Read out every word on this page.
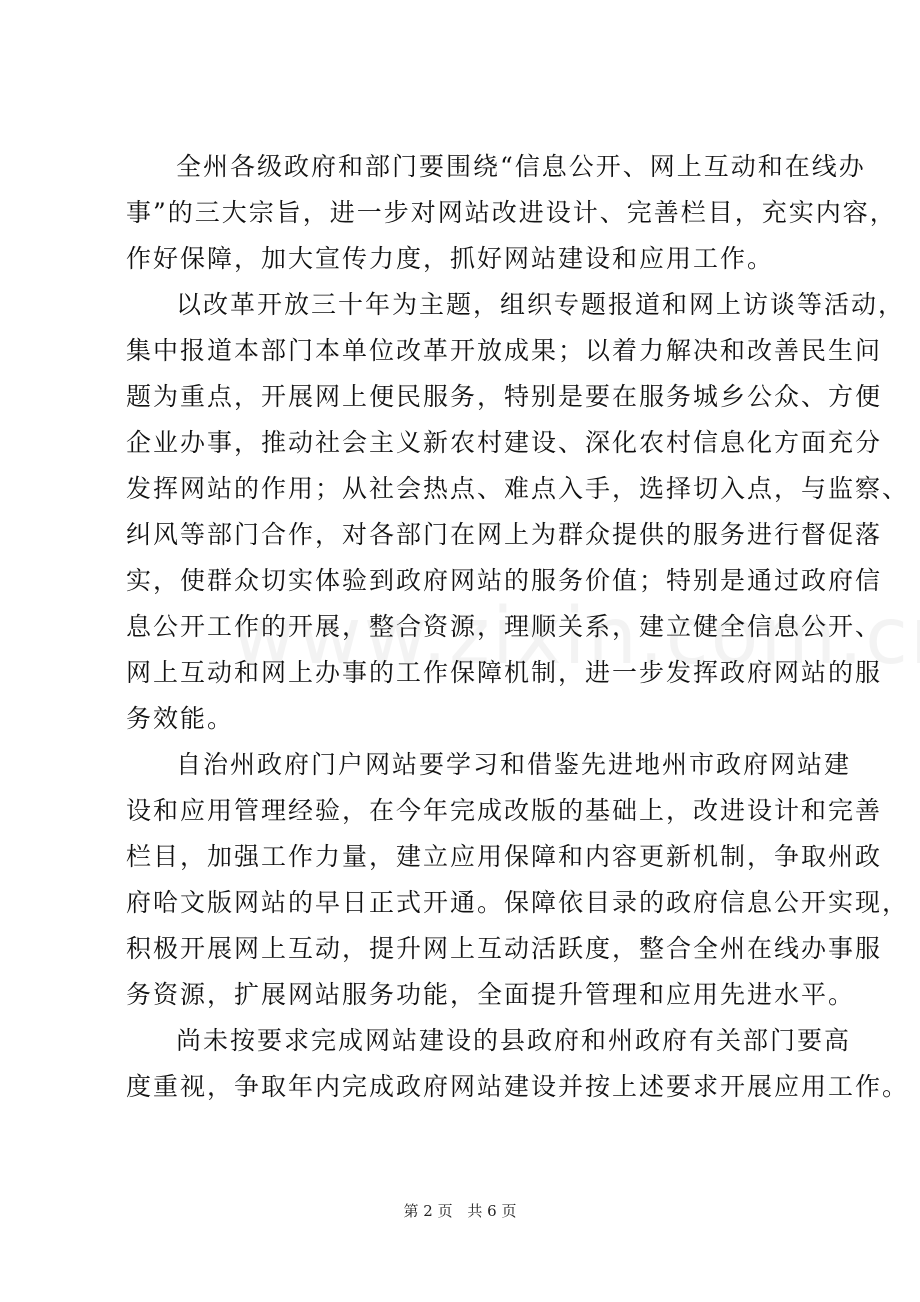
全州各级政府和部门要围绕“信息公开、网上互动和在线办
事”的三大宗旨，进一步对网站改进设计、完善栏目，充实内容，
作好保障，加大宣传力度，抓好网站建设和应用工作。
以改革开放三十年为主题，组织专题报道和网上访谈等活动，
集中报道本部门本单位改革开放成果；以着力解决和改善民生问
题为重点，开展网上便民服务，特别是要在服务城乡公众、方便
企业办事，推动社会主义新农村建设、深化农村信息化方面充分
发挥网站的作用；从社会热点、难点入手，选择切入点，与监察、
纠风等部门合作，对各部门在网上为群众提供的服务进行督促落
实，使群众切实体验到政府网站的服务价值；特别是通过政府信
息公开工作的开展，整合资源，理顺关系，建立健全信息公开、
网上互动和网上办事的工作保障机制，进一步发挥政府网站的服
务效能。
自治州政府门户网站要学习和借鉴先进地州市政府网站建
设和应用管理经验，在今年完成改版的基础上，改进设计和完善
栏目，加强工作力量，建立应用保障和内容更新机制，争取州政
府哈文版网站的早日正式开通。保障依目录的政府信息公开实现，
积极开展网上互动，提升网上互动活跃度，整合全州在线办事服
务资源，扩展网站服务功能，全面提升管理和应用先进水平。
尚未按要求完成网站建设的县政府和州政府有关部门要高
度重视，争取年内完成政府网站建设并按上述要求开展应用工作。
第 2 页 共 6 页
